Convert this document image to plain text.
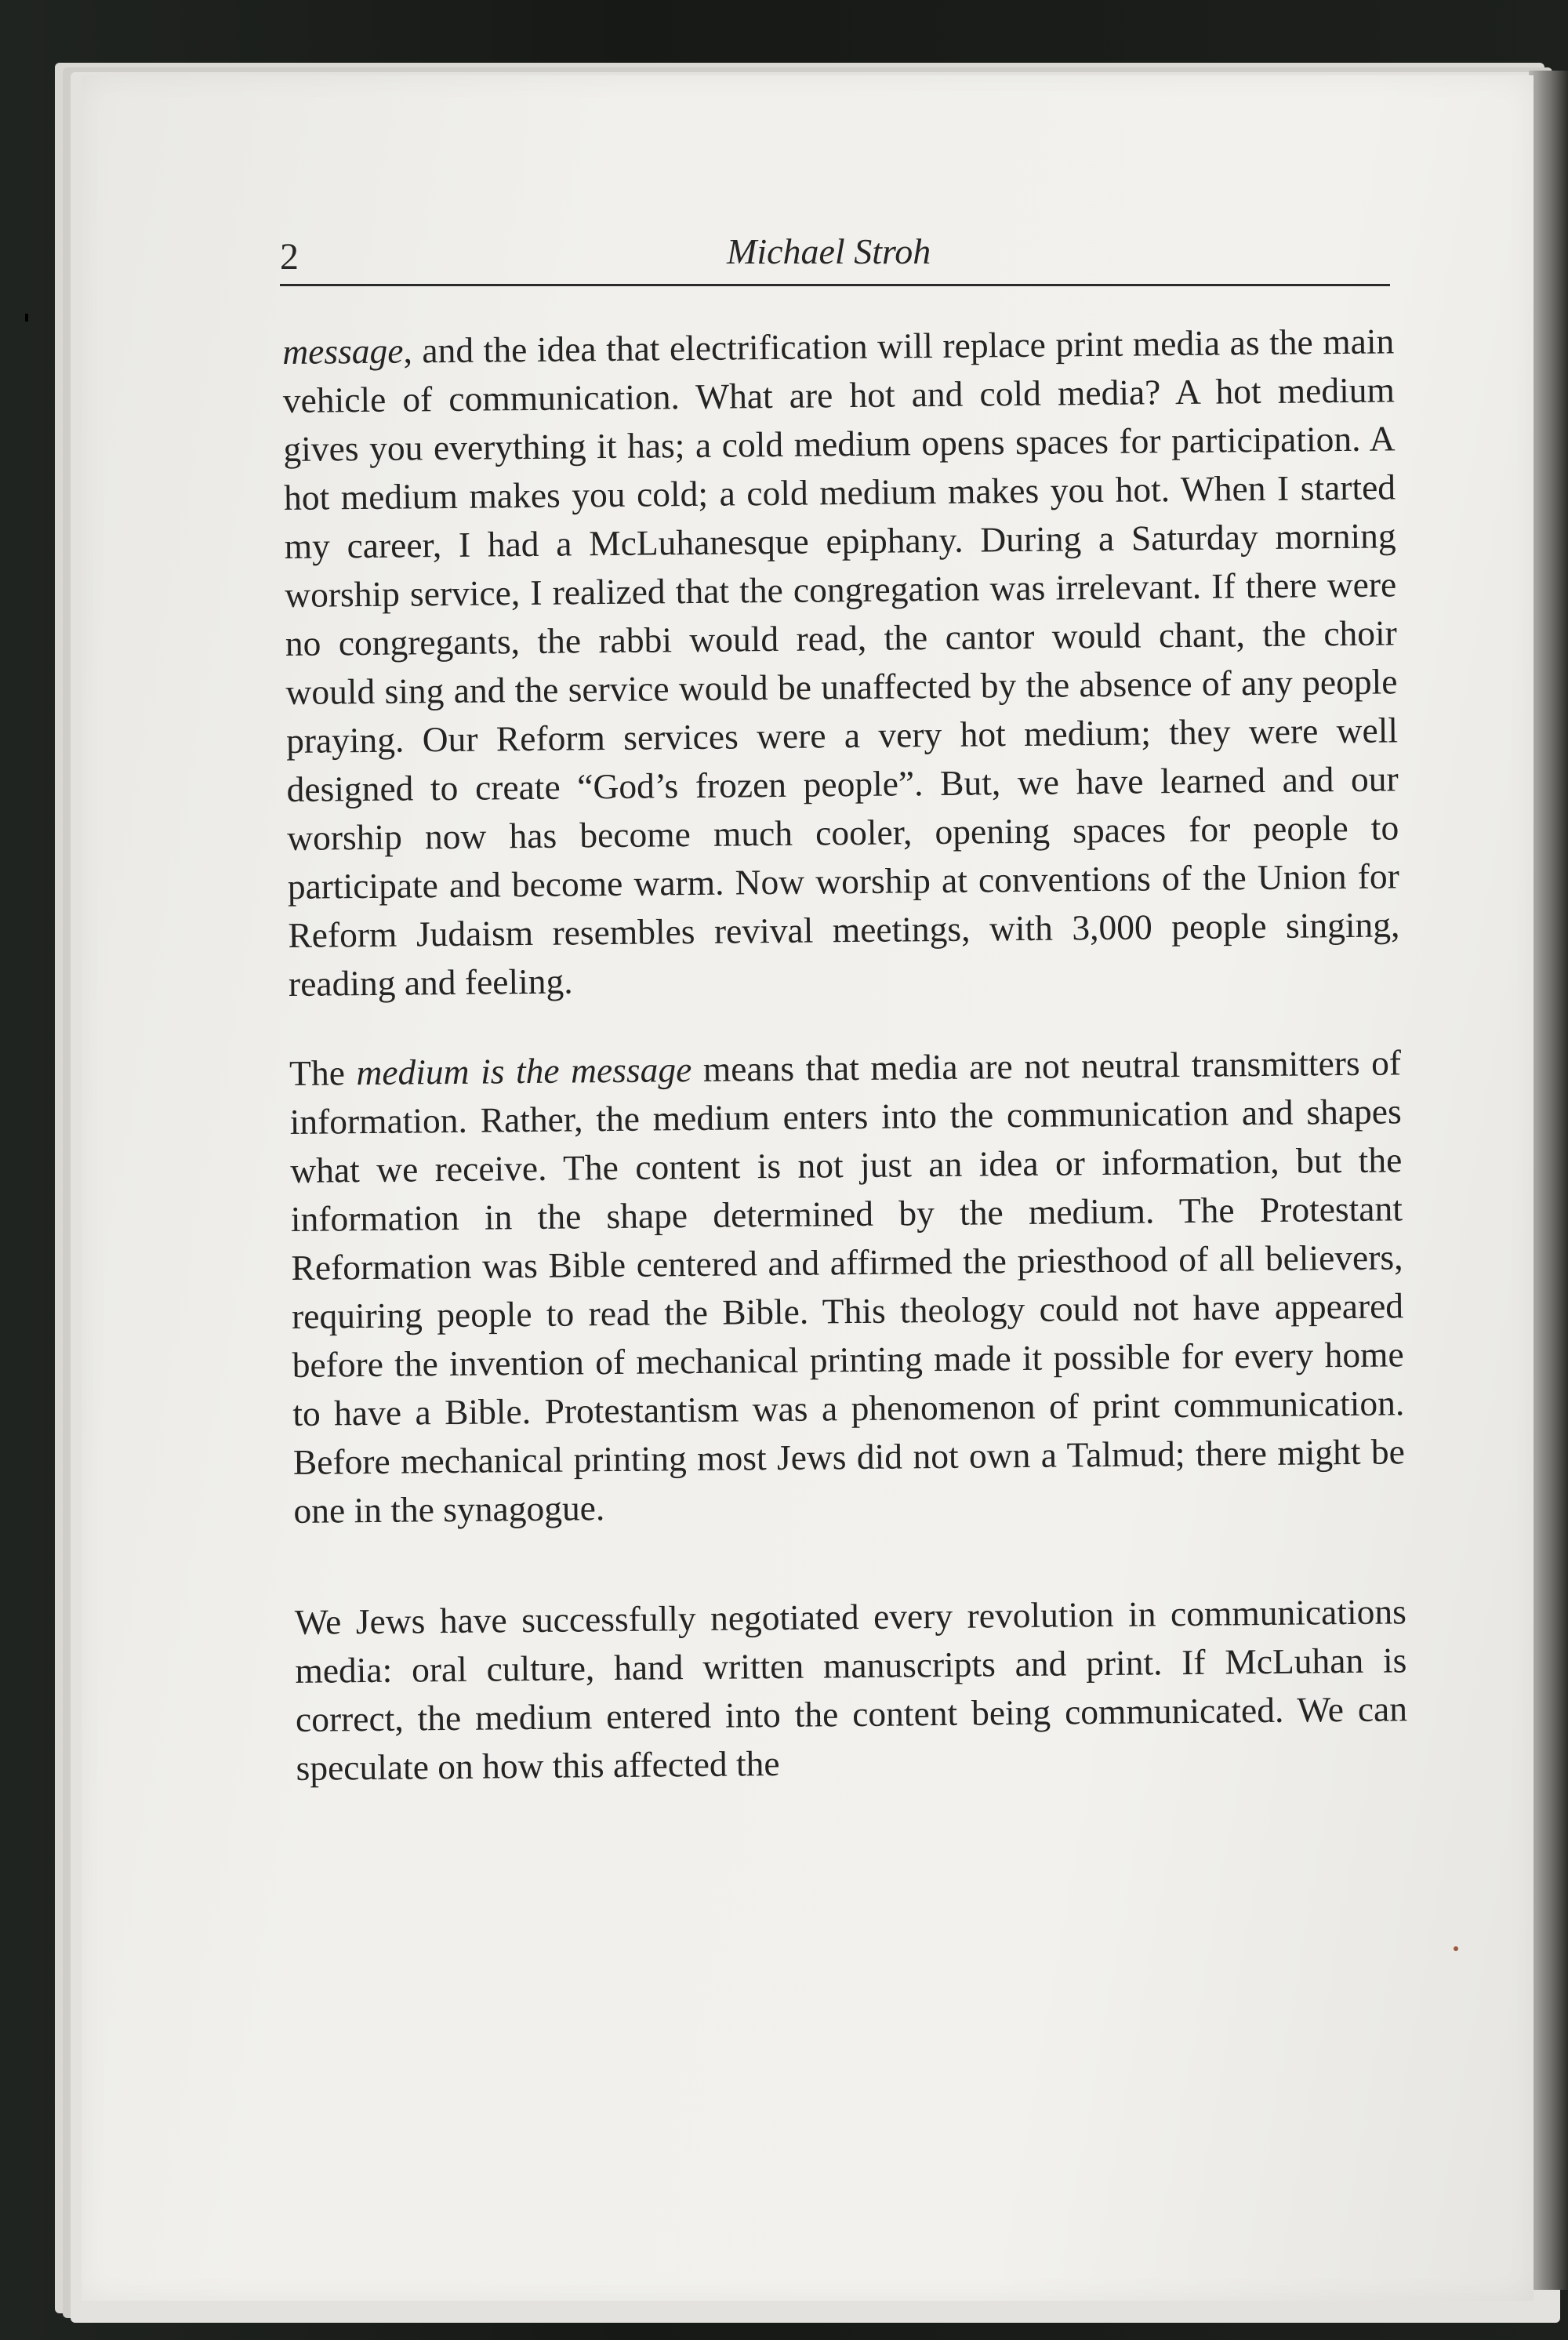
2	Michael Stroh

message, and the idea that electrification will replace print media as the main vehicle of communication. What are hot and cold media? A hot medium gives you everything it has; a cold medium opens spaces for participation. A hot medium makes you cold; a cold medium makes you hot. When I started my career, I had a McLuhanesque epiphany. During a Saturday morning worship service, I realized that the congregation was irrelevant. If there were no congregants, the rabbi would read, the cantor would chant, the choir would sing and the service would be unaffected by the absence of any people praying. Our Reform services were a very hot medium; they were well designed to create “God’s frozen people”. But, we have learned and our worship now has become much cooler, opening spaces for people to participate and become warm. Now worship at conventions of the Union for Reform Judaism resembles revival meetings, with 3,000 people singing, reading and feeling.

The medium is the message means that media are not neutral transmitters of information. Rather, the medium enters into the communication and shapes what we receive. The content is not just an idea or information, but the information in the shape determined by the medium. The Protestant Reformation was Bible centered and affirmed the priesthood of all believers, requiring people to read the Bible. This theology could not have appeared before the invention of mechanical printing made it possible for every home to have a Bible. Protestantism was a phenomenon of print communication. Before mechanical printing most Jews did not own a Talmud; there might be one in the synagogue.

We Jews have successfully negotiated every revolution in communications media: oral culture, hand written manuscripts and print. If McLuhan is correct, the medium entered into the content being communicated. We can speculate on how this affected the
